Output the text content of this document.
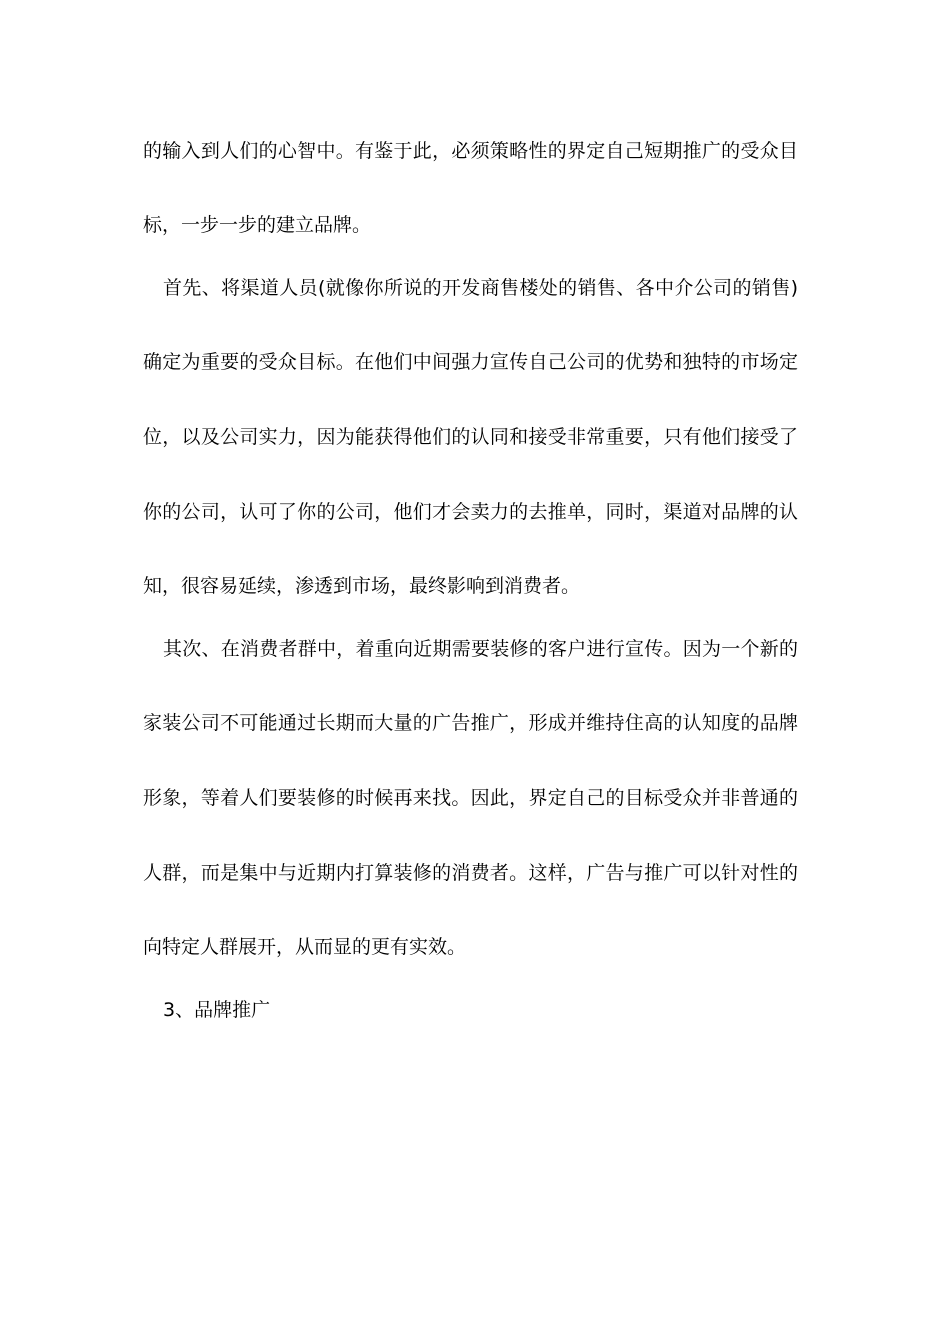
的输入到人们的心智中。有鉴于此，必须策略性的界定自己短期推广的受众目
标，一步一步的建立品牌。
首先、将渠道人员(就像你所说的开发商售楼处的销售、各中介公司的销售)
确定为重要的受众目标。在他们中间强力宣传自己公司的优势和独特的市场定
位，以及公司实力，因为能获得他们的认同和接受非常重要，只有他们接受了
你的公司，认可了你的公司，他们才会卖力的去推单，同时，渠道对品牌的认
知，很容易延续，渗透到市场，最终影响到消费者。
其次、在消费者群中，着重向近期需要装修的客户进行宣传。因为一个新的
家装公司不可能通过长期而大量的广告推广，形成并维持住高的认知度的品牌
形象，等着人们要装修的时候再来找。因此，界定自己的目标受众并非普通的
人群，而是集中与近期内打算装修的消费者。这样，广告与推广可以针对性的
向特定人群展开，从而显的更有实效。
3、品牌推广
